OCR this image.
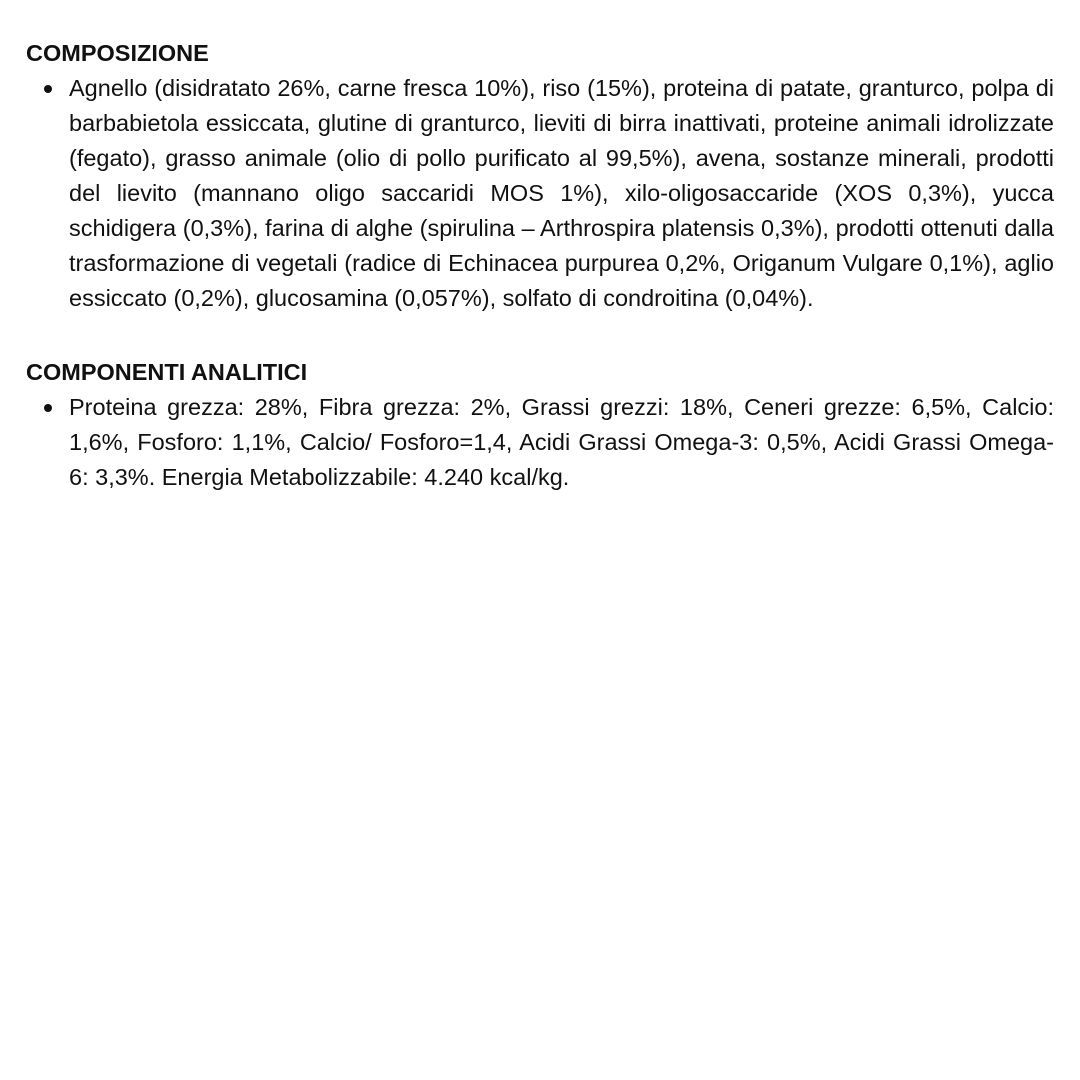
COMPOSIZIONE
Agnello (disidratato 26%, carne fresca 10%), riso (15%), proteina di patate, granturco, polpa di barbabietola essiccata, glutine di granturco, lieviti di birra inattivati, proteine animali idrolizzate (fegato), grasso animale (olio di pollo purificato al 99,5%), avena, sostanze minerali, prodotti del lievito (mannano oligo saccaridi MOS 1%), xilo-oligosaccaride (XOS 0,3%), yucca schidigera (0,3%), farina di alghe (spirulina – Arthrospira platensis 0,3%), prodotti ottenuti dalla trasformazione di vegetali (radice di Echinacea purpurea 0,2%, Origanum Vulgare 0,1%), aglio essiccato (0,2%), glucosamina (0,057%), solfato di condroitina (0,04%).
COMPONENTI ANALITICI
Proteina grezza: 28%, Fibra grezza: 2%, Grassi grezzi: 18%, Ceneri grezze: 6,5%, Calcio: 1,6%, Fosforo: 1,1%, Calcio/ Fosforo=1,4, Acidi Grassi Omega-3: 0,5%, Acidi Grassi Omega-6: 3,3%. Energia Metabolizzabile: 4.240 kcal/kg.
